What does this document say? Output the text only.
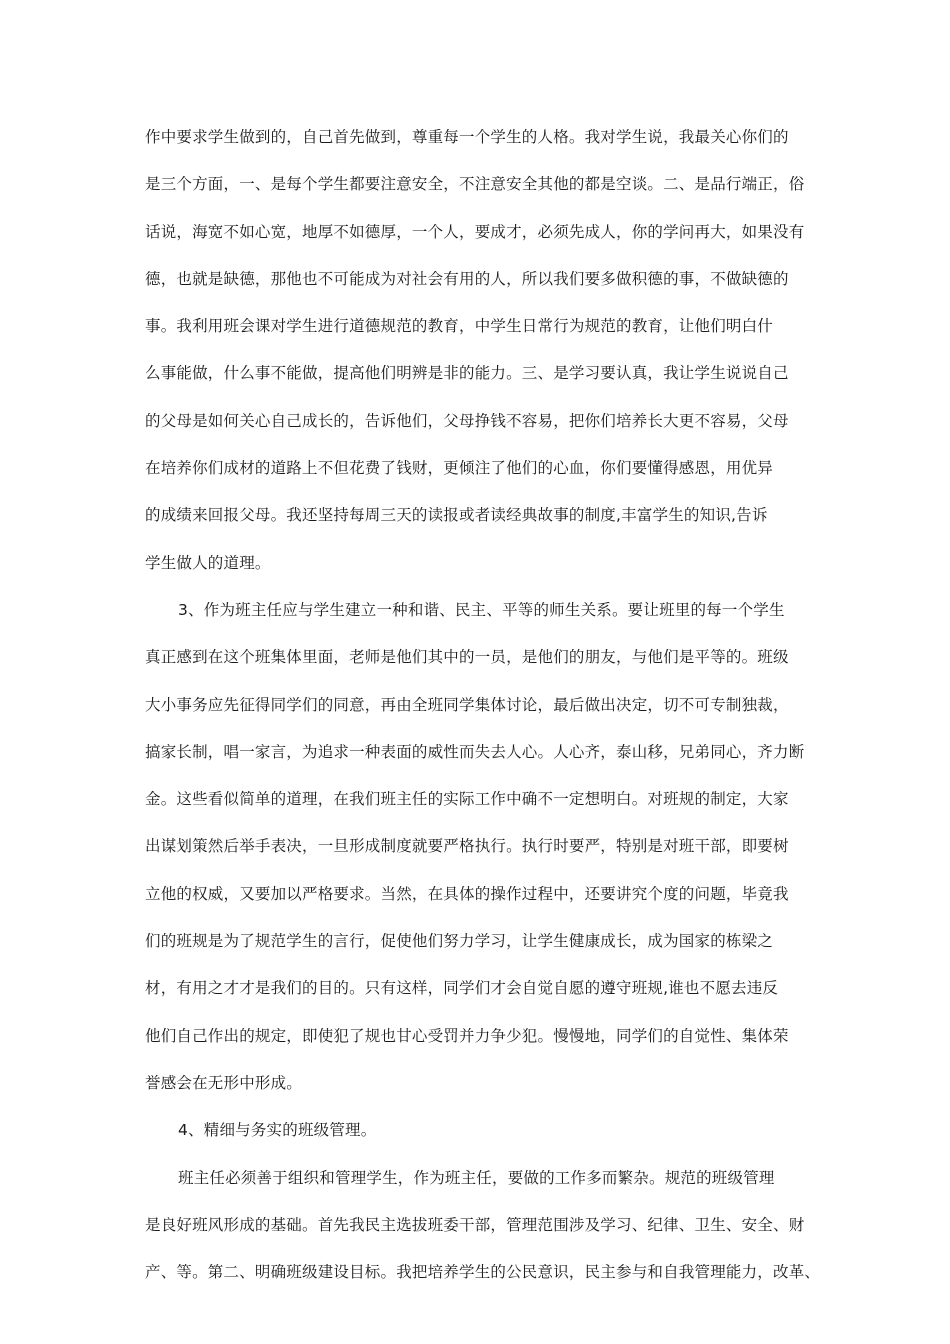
作中要求学生做到的，自己首先做到，尊重每一个学生的人格。我对学生说，我最关心你们的
是三个方面，一、是每个学生都要注意安全，不注意安全其他的都是空谈。二、是品行端正，俗
话说，海宽不如心宽，地厚不如德厚，一个人，要成才，必须先成人，你的学问再大，如果没有
德，也就是缺德，那他也不可能成为对社会有用的人，所以我们要多做积德的事，不做缺德的
事。我利用班会课对学生进行道德规范的教育，中学生日常行为规范的教育，让他们明白什
么事能做，什么事不能做，提高他们明辨是非的能力。三、是学习要认真，我让学生说说自己
的父母是如何关心自己成长的，告诉他们，父母挣钱不容易，把你们培养长大更不容易，父母
在培养你们成材的道路上不但花费了钱财，更倾注了他们的心血，你们要懂得感恩，用优异
的成绩来回报父母。我还坚持每周三天的读报或者读经典故事的制度,丰富学生的知识,告诉
学生做人的道理。
3、作为班主任应与学生建立一种和谐、民主、平等的师生关系。要让班里的每一个学生
真正感到在这个班集体里面，老师是他们其中的一员，是他们的朋友，与他们是平等的。班级
大小事务应先征得同学们的同意，再由全班同学集体讨论，最后做出决定，切不可专制独裁，
搞家长制，唱一家言，为追求一种表面的威性而失去人心。人心齐，泰山移，兄弟同心，齐力断
金。这些看似简单的道理，在我们班主任的实际工作中确不一定想明白。对班规的制定，大家
出谋划策然后举手表决，一旦形成制度就要严格执行。执行时要严，特别是对班干部，即要树
立他的权威，又要加以严格要求。当然，在具体的操作过程中，还要讲究个度的问题，毕竟我
们的班规是为了规范学生的言行，促使他们努力学习，让学生健康成长，成为国家的栋梁之
材，有用之才才是我们的目的。只有这样，同学们才会自觉自愿的遵守班规,谁也不愿去违反
他们自己作出的规定，即使犯了规也甘心受罚并力争少犯。慢慢地，同学们的自觉性、集体荣
誉感会在无形中形成。
4、精细与务实的班级管理。
班主任必须善于组织和管理学生，作为班主任，要做的工作多而繁杂。规范的班级管理
是良好班风形成的基础。首先我民主选拔班委干部，管理范围涉及学习、纪律、卫生、安全、财
产、等。第二、明确班级建设目标。我把培养学生的公民意识，民主参与和自我管理能力，改革、
